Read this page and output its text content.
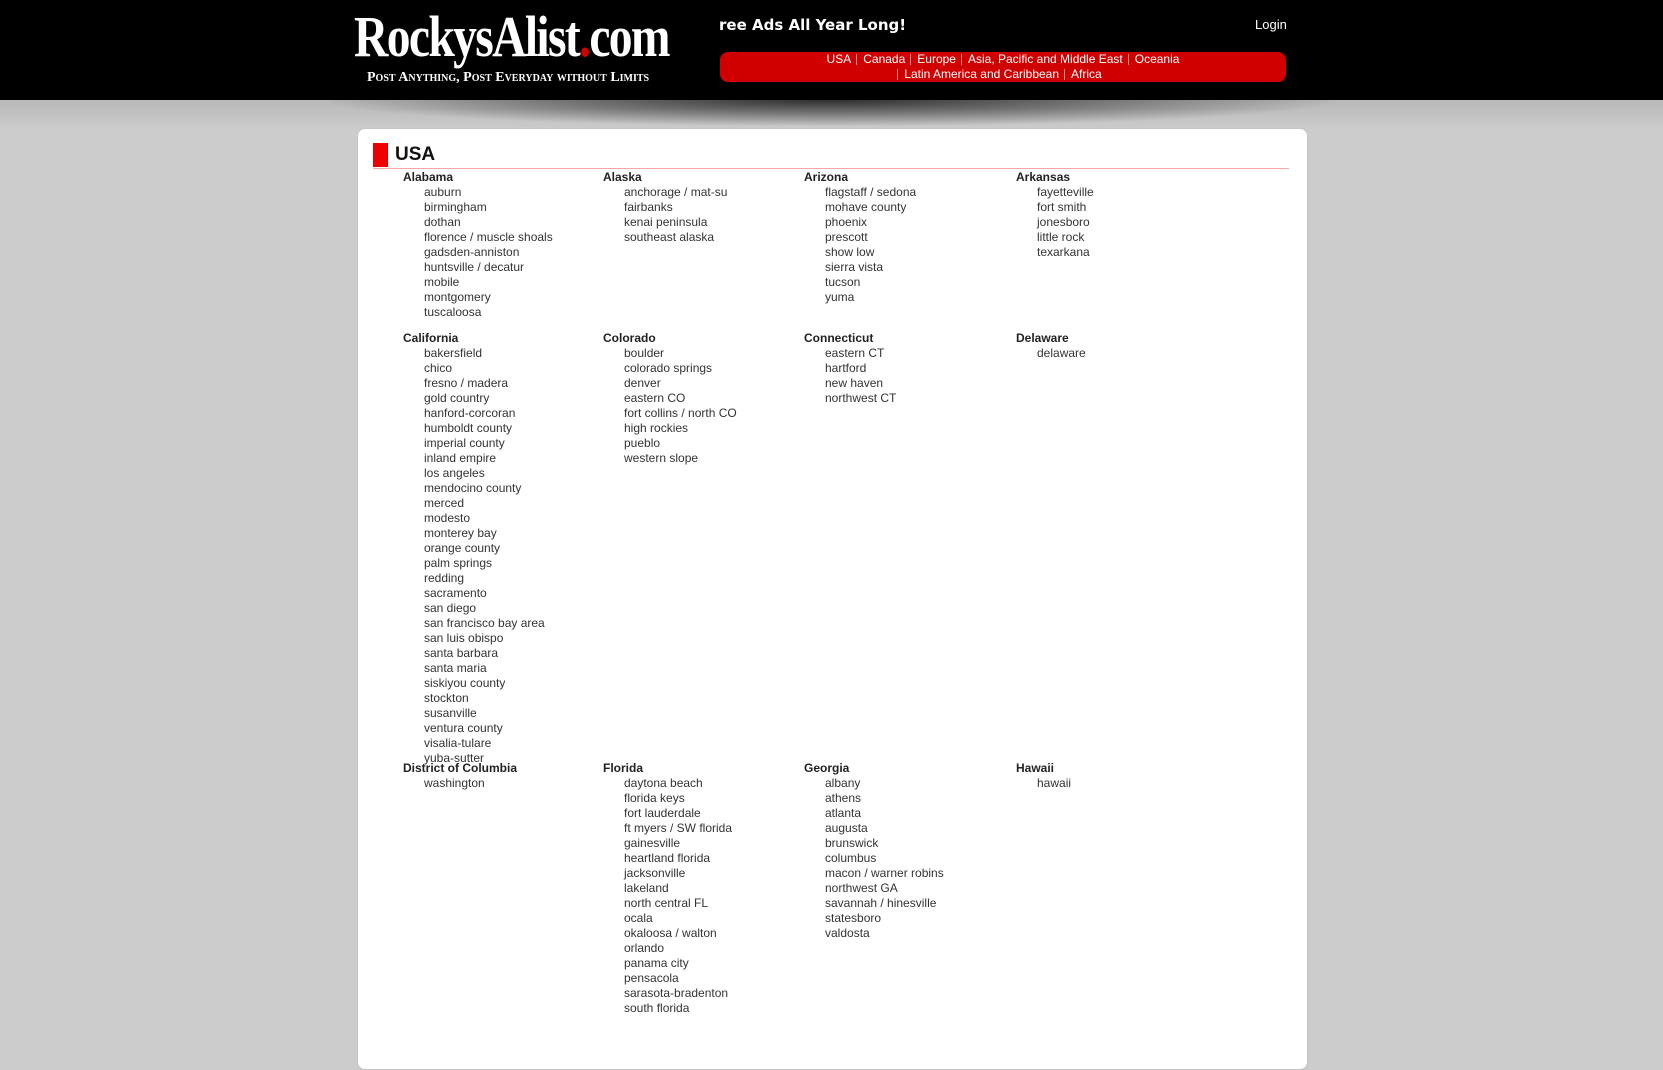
RockysAlist.com
Post Anything, Post Everyday without Limits
ree Ads All Year Long!	Login
USA	Canada	Europe	Asia, Pacific and Middle East	Oceania
Latin America and Caribbean	Africa
USA
Alabama
auburn
birmingham
dothan
florence / muscle shoals
gadsden-anniston
huntsville / decatur
mobile
montgomery
tuscaloosa
Alaska
anchorage / mat-su
fairbanks
kenai peninsula
southeast alaska
Arizona
flagstaff / sedona
mohave county
phoenix
prescott
show low
sierra vista
tucson
yuma
Arkansas
fayetteville
fort smith
jonesboro
little rock
texarkana
California
bakersfield
chico
fresno / madera
gold country
hanford-corcoran
humboldt county
imperial county
inland empire
los angeles
mendocino county
merced
modesto
monterey bay
orange county
palm springs
redding
sacramento
san diego
san francisco bay area
san luis obispo
santa barbara
santa maria
siskiyou county
stockton
susanville
ventura county
visalia-tulare
yuba-sutter
Colorado
boulder
colorado springs
denver
eastern CO
fort collins / north CO
high rockies
pueblo
western slope
Connecticut
eastern CT
hartford
new haven
northwest CT
Delaware
delaware
District of Columbia
washington
Florida
daytona beach
florida keys
fort lauderdale
ft myers / SW florida
gainesville
heartland florida
jacksonville
lakeland
north central FL
ocala
okaloosa / walton
orlando
panama city
pensacola
sarasota-bradenton
south florida
Georgia
albany
athens
atlanta
augusta
brunswick
columbus
macon / warner robins
northwest GA
savannah / hinesville
statesboro
valdosta
Hawaii
hawaii
